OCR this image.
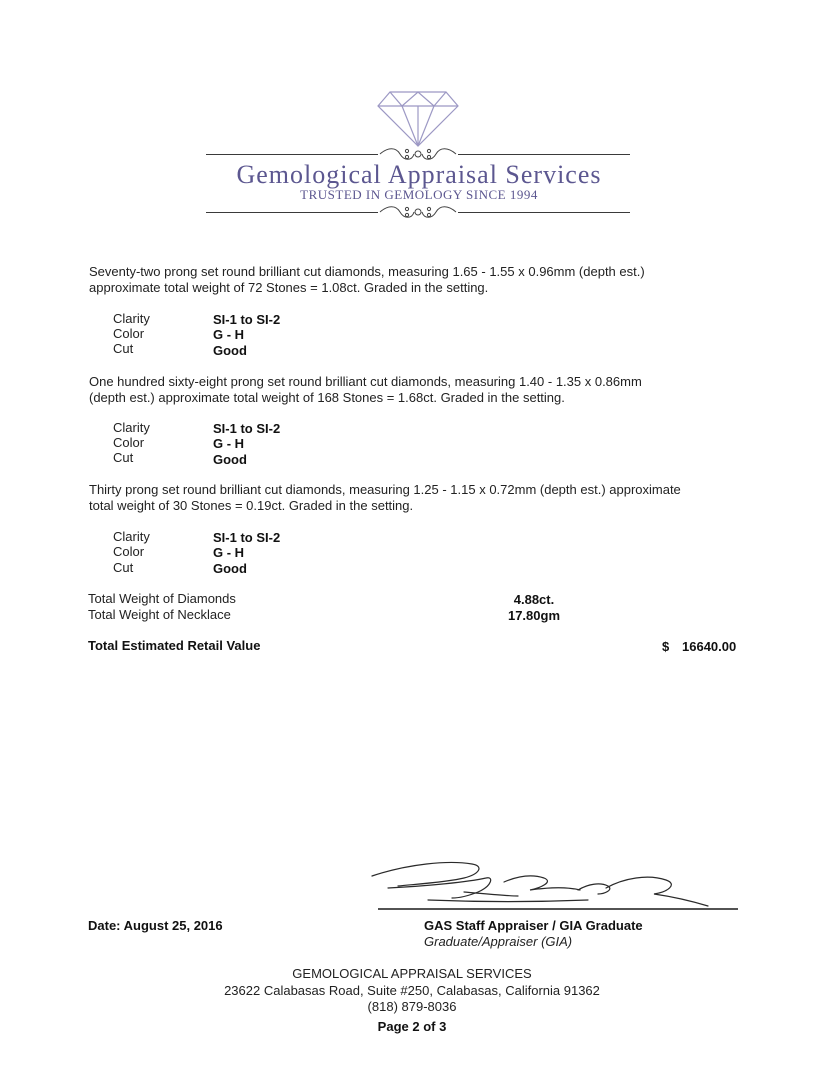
Gemological Appraisal Services
TRUSTED IN GEMOLOGY SINCE 1994
Seventy-two prong set round brilliant cut diamonds, measuring 1.65 - 1.55 x 0.96mm (depth est.)
approximate total weight of 72 Stones = 1.08ct. Graded in the setting.
Clarity	SI-1 to SI-2
Color	G - H
Cut	Good
One hundred sixty-eight prong set round brilliant cut diamonds, measuring 1.40 - 1.35 x 0.86mm
(depth est.) approximate total weight of 168 Stones = 1.68ct. Graded in the setting.
Clarity	SI-1 to SI-2
Color	G - H
Cut	Good
Thirty prong set round brilliant cut diamonds, measuring 1.25 - 1.15 x 0.72mm (depth est.) approximate
total weight of 30 Stones = 0.19ct. Graded in the setting.
Clarity	SI-1 to SI-2
Color	G - H
Cut	Good
Total Weight of Diamonds	4.88ct.
Total Weight of Necklace	17.80gm
Total Estimated Retail Value	$ 16640.00
Date: August 25, 2016	GAS Staff Appraiser / GIA Graduate
Graduate/Appraiser (GIA)
GEMOLOGICAL APPRAISAL SERVICES
23622 Calabasas Road, Suite #250, Calabasas, California 91362
(818) 879-8036
Page 2 of 3
